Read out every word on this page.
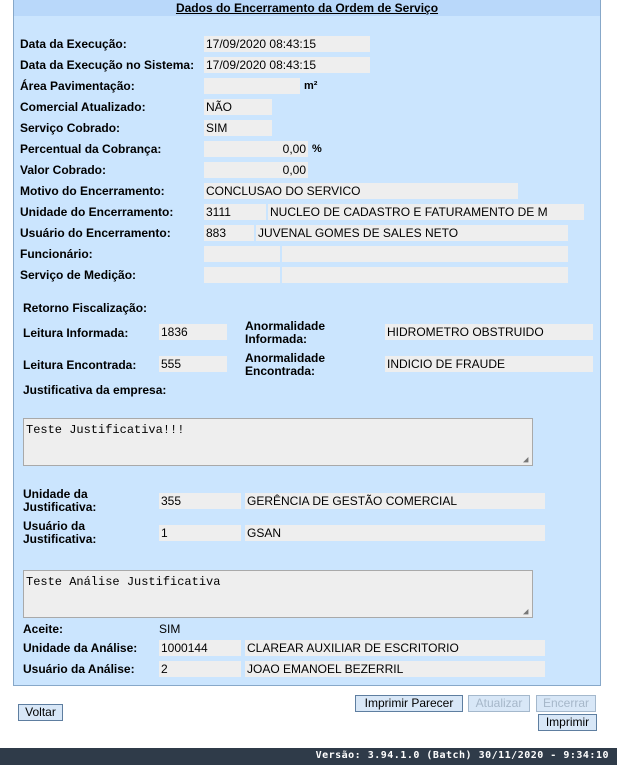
Dados do Encerramento da Ordem de Serviço
Data da Execução:	17/09/2020 08:43:15
Data da Execução no Sistema: 17/09/2020 08:43:15
Área Pavimentação:	m²
Comercial Atualizado:	NÃO
Serviço Cobrado:	SIM
Percentual da Cobrança:	0,00 %
Valor Cobrado:	0,00
Motivo do Encerramento:	CONCLUSAO DO SERVICO
Unidade do Encerramento:	3111	NUCLEO DE CADASTRO E FATURAMENTO DE M
Usuário do Encerramento:	883	JUVENAL GOMES DE SALES NETO
Funcionário:
Serviço de Medição:
Retorno Fiscalização:
Leitura Informada:	1836	Anormalidade Informada:	HIDROMETRO OBSTRUIDO
Leitura Encontrada: 555	Anormalidade Encontrada:	INDICIO DE FRAUDE
Justificativa da empresa:
Teste Justificativa!!!
◢
Unidade da Justificativa:	355	GERÊNCIA DE GESTÃO COMERCIAL
Usuário da Justificativa:	1	GSAN
Teste Análise Justificativa
◢
Aceite:	SIM
Unidade da Análise: 1000144	CLAREAR AUXILIAR DE ESCRITORIO
Usuário da Análise: 2	JOAO EMANOEL BEZERRIL
Voltar
Imprimir Parecer	Atualizar	Encerrar
Imprimir
Versão: 3.94.1.0 (Batch) 30/11/2020 - 9:34:10
